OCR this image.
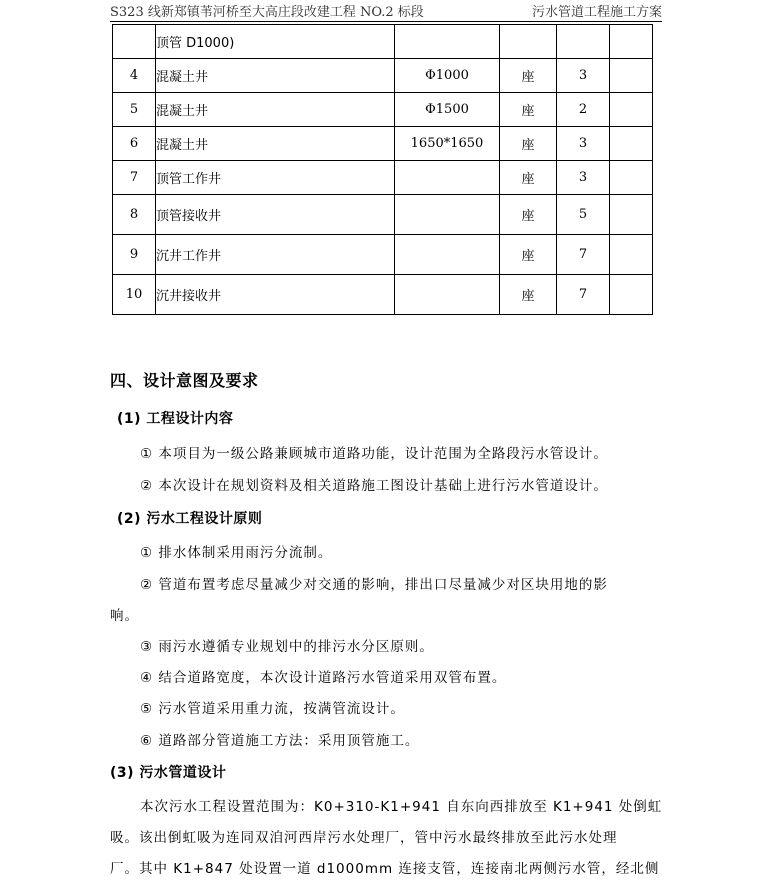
S323 线新郑镇苇河桥至大高庄段改建工程 NO.2 标段	污水管道工程施工方案
	顶管 D1000)				
4	混凝土井	Φ1000	座	3	
5	混凝土井	Φ1500	座	2	
6	混凝土井	1650*1650	座	3	
7	顶管工作井		座	3	
8	顶管接收井		座	5	
9	沉井工作井		座	7	
10	沉井接收井		座	7	
四、设计意图及要求
(1) 工程设计内容
① 本项目为一级公路兼顾城市道路功能，设计范围为全路段污水管设计。
② 本次设计在规划资料及相关道路施工图设计基础上进行污水管道设计。
(2) 污水工程设计原则
① 排水体制采用雨污分流制。
② 管道布置考虑尽量减少对交通的影响，排出口尽量减少对区块用地的影
响。
③ 雨污水遵循专业规划中的排污水分区原则。
④ 结合道路宽度，本次设计道路污水管道采用双管布置。
⑤ 污水管道采用重力流，按满管流设计。
⑥ 道路部分管道施工方法：采用顶管施工。
(3) 污水管道设计
本次污水工程设置范围为：K0+310-K1+941 自东向西排放至 K1+941 处倒虹
吸。该出倒虹吸为连同双洎河西岸污水处理厂，管中污水最终排放至此污水处理
厂。其中 K1+847 处设置一道 d1000mm 连接支管，连接南北两侧污水管，经北侧
